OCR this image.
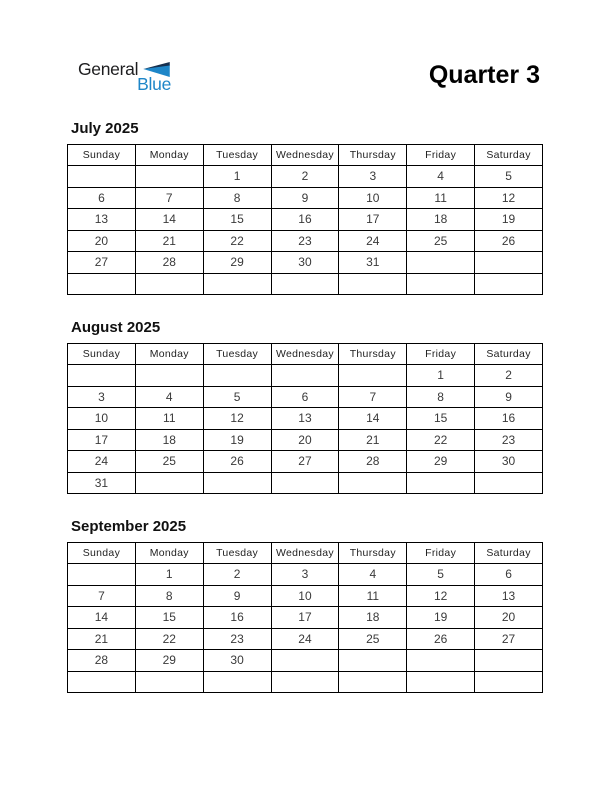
General
Blue	Quarter 3
July 2025
Sunday	Monday	Tuesday	Wednesday	Thursday	Friday	Saturday
		1	2	3	4	5
6	7	8	9	10	11	12
13	14	15	16	17	18	19
20	21	22	23	24	25	26
27	28	29	30	31		

August 2025
Sunday	Monday	Tuesday	Wednesday	Thursday	Friday	Saturday
					1	2
3	4	5	6	7	8	9
10	11	12	13	14	15	16
17	18	19	20	21	22	23
24	25	26	27	28	29	30
31						
September 2025
Sunday	Monday	Tuesday	Wednesday	Thursday	Friday	Saturday
	1	2	3	4	5	6
7	8	9	10	11	12	13
14	15	16	17	18	19	20
21	22	23	24	25	26	27
28	29	30				
